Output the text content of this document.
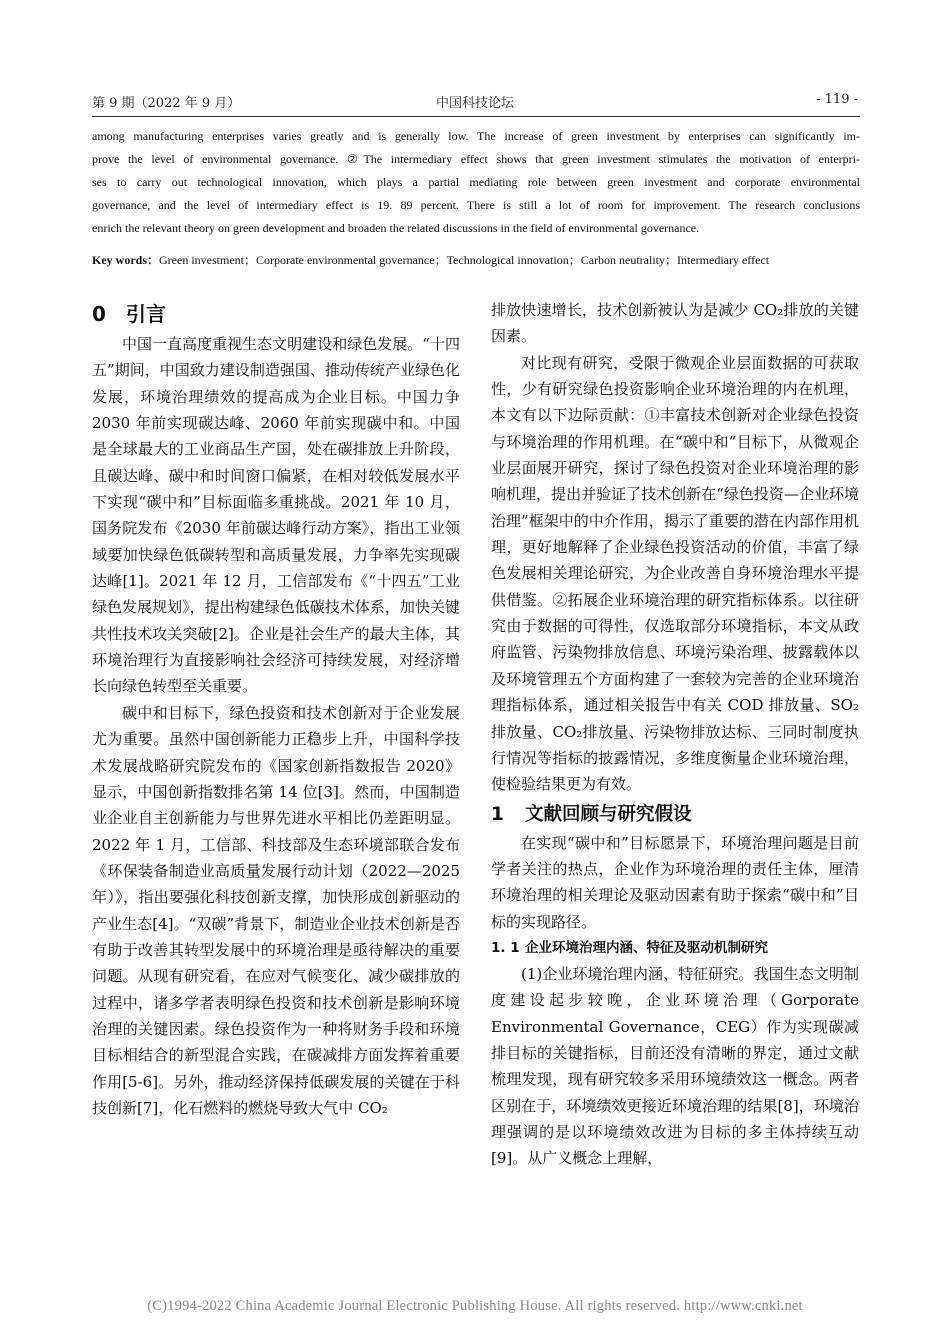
第 9 期（2022 年 9 月）	中国科技论坛	- 119 -
among manufacturing enterprises varies greatly and is generally low. The increase of green investment by enterprises can significantly im-
prove the level of environmental governance. ②The intermediary effect shows that green investment stimulates the motivation of enterpri-
ses to carry out technological innovation, which plays a partial mediating role between green investment and corporate environmental
governance, and the level of intermediary effect is 19. 89 percent. There is still a lot of room for improvement. The research conclusions
enrich the relevant theory on green development and broaden the related discussions in the field of environmental governance.
Key words：Green investment；Corporate environmental governance；Technological innovation；Carbon neutrality；Intermediary effect
0 引言

中国一直高度重视生态文明建设和绿色发展。“十四五”期间，中国致力建设制造强国、推动传统产业绿色化发展，环境治理绩效的提高成为企业目标。中国力争 2030 年前实现碳达峰、2060 年前实现碳中和。中国是全球最大的工业商品生产国，处在碳排放上升阶段，且碳达峰、碳中和时间窗口偏紧，在相对较低发展水平下实现“碳中和”目标面临多重挑战。2021 年 10 月，国务院发布《2030 年前碳达峰行动方案》，指出工业领域要加快绿色低碳转型和高质量发展，力争率先实现碳达峰[1]。2021 年 12 月，工信部发布《“十四五”工业绿色发展规划》，提出构建绿色低碳技术体系，加快关键共性技术攻关突破[2]。企业是社会生产的最大主体，其环境治理行为直接影响社会经济可持续发展，对经济增长向绿色转型至关重要。

碳中和目标下，绿色投资和技术创新对于企业发展尤为重要。虽然中国创新能力正稳步上升，中国科学技术发展战略研究院发布的《国家创新指数报告 2020》显示，中国创新指数排名第 14 位[3]。然而，中国制造业企业自主创新能力与世界先进水平相比仍差距明显。2022 年 1 月，工信部、科技部及生态环境部联合发布《环保装备制造业高质量发展行动计划（2022—2025 年）》，指出要强化科技创新支撑，加快形成创新驱动的产业生态[4]。“双碳”背景下，制造业企业技术创新是否有助于改善其转型发展中的环境治理是亟待解决的重要问题。从现有研究看，在应对气候变化、减少碳排放的过程中，诸多学者表明绿色投资和技术创新是影响环境治理的关键因素。绿色投资作为一种将财务手段和环境目标相结合的新型混合实践，在碳减排方面发挥着重要作用[5-6]。另外，推动经济保持低碳发展的关键在于科技创新[7]，化石燃料的燃烧导致大气中 CO₂

排放快速增长，技术创新被认为是减少 CO₂排放的关键因素。

对比现有研究，受限于微观企业层面数据的可获取性，少有研究绿色投资影响企业环境治理的内在机理，本文有以下边际贡献：①丰富技术创新对企业绿色投资与环境治理的作用机理。在“碳中和”目标下，从微观企业层面展开研究，探讨了绿色投资对企业环境治理的影响机理，提出并验证了技术创新在“绿色投资—企业环境治理”框架中的中介作用，揭示了重要的潜在内部作用机理，更好地解释了企业绿色投资活动的价值，丰富了绿色发展相关理论研究，为企业改善自身环境治理水平提供借鉴。②拓展企业环境治理的研究指标体系。以往研究由于数据的可得性，仅选取部分环境指标，本文从政府监管、污染物排放信息、环境污染治理、披露载体以及环境管理五个方面构建了一套较为完善的企业环境治理指标体系，通过相关报告中有关 COD 排放量、SO₂排放量、CO₂排放量、污染物排放达标、三同时制度执行情况等指标的披露情况，多维度衡量企业环境治理，使检验结果更为有效。

1 文献回顾与研究假设

在实现“碳中和”目标愿景下，环境治理问题是目前学者关注的热点，企业作为环境治理的责任主体，厘清环境治理的相关理论及驱动因素有助于探索“碳中和”目标的实现路径。

1. 1 企业环境治理内涵、特征及驱动机制研究

(1)企业环境治理内涵、特征研究。我国生态文明制度建设起步较晚，企业环境治理（Gorporate Environmental Governance，CEG）作为实现碳减排目标的关键指标，目前还没有清晰的界定，通过文献梳理发现，现有研究较多采用环境绩效这一概念。两者区别在于，环境绩效更接近环境治理的结果[8]，环境治理强调的是以环境绩效改进为目标的多主体持续互动[9]。从广义概念上理解，

(C)1994-2022 China Academic Journal Electronic Publishing House. All rights reserved. http://www.cnki.net
